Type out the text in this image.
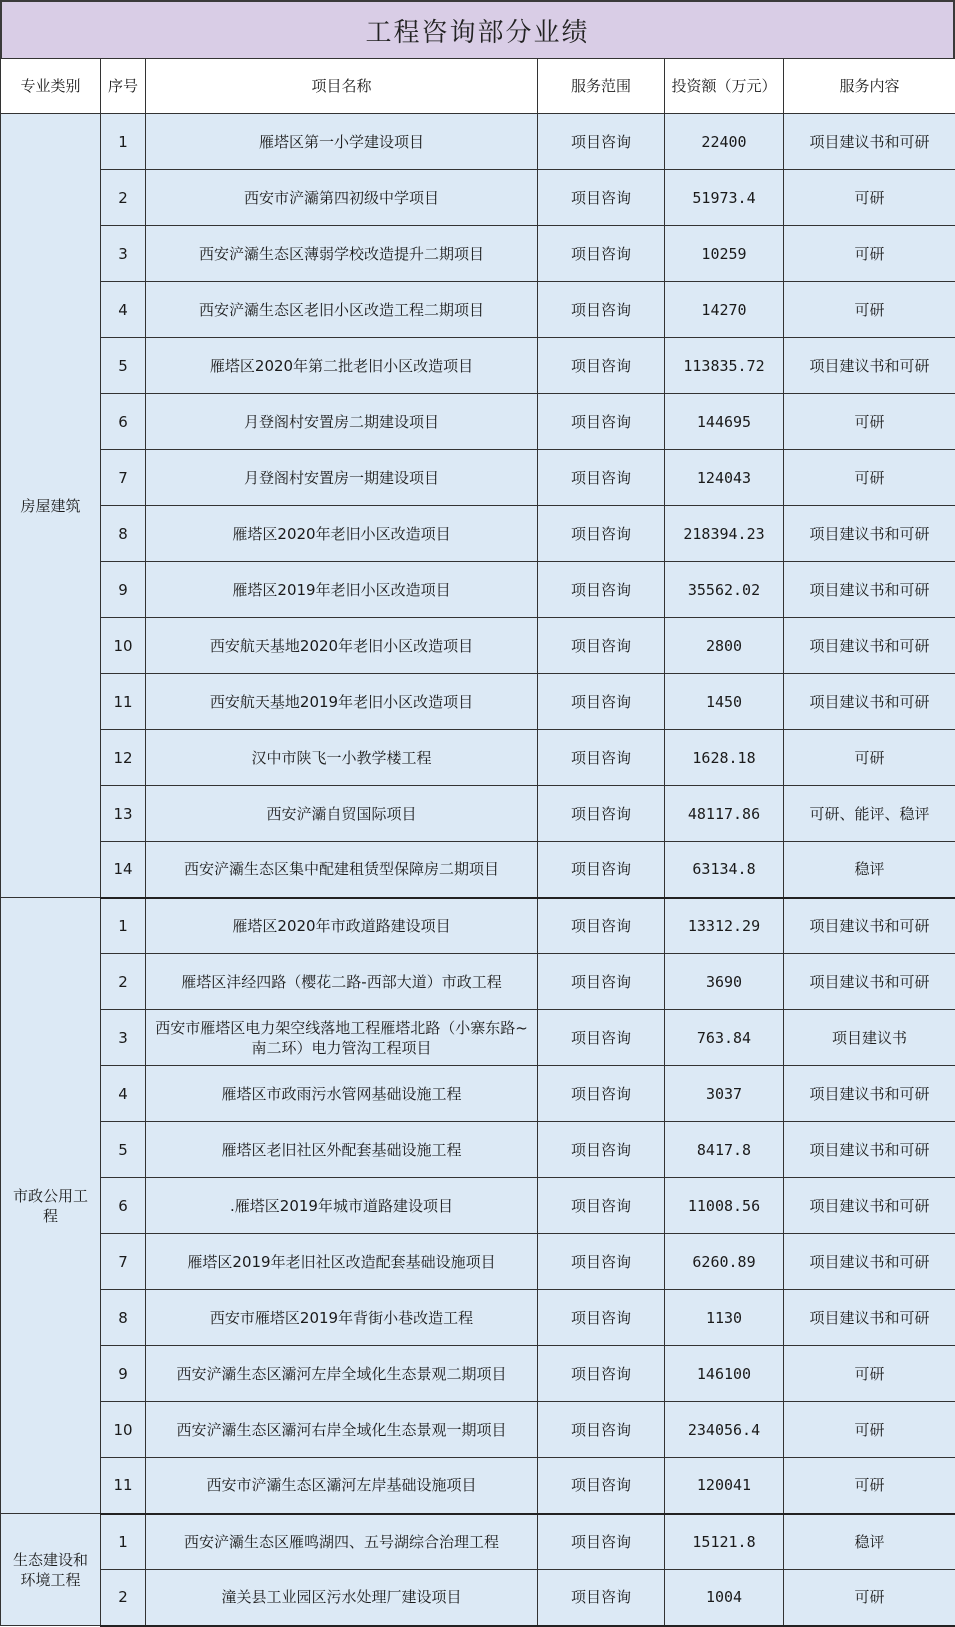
工程咨询部分业绩
专业类别	序号	项目名称	服务范围	投资额（万元）	服务内容
房屋建筑	1	雁塔区第一小学建设项目	项目咨询	22400	项目建议书和可研
	2	西安市浐灞第四初级中学项目	项目咨询	51973.4	可研
	3	西安浐灞生态区薄弱学校改造提升二期项目	项目咨询	10259	可研
	4	西安浐灞生态区老旧小区改造工程二期项目	项目咨询	14270	可研
	5	雁塔区2020年第二批老旧小区改造项目	项目咨询	113835.72	项目建议书和可研
	6	月登阁村安置房二期建设项目	项目咨询	144695	可研
	7	月登阁村安置房一期建设项目	项目咨询	124043	可研
	8	雁塔区2020年老旧小区改造项目	项目咨询	218394.23	项目建议书和可研
	9	雁塔区2019年老旧小区改造项目	项目咨询	35562.02	项目建议书和可研
	10	西安航天基地2020年老旧小区改造项目	项目咨询	2800	项目建议书和可研
	11	西安航天基地2019年老旧小区改造项目	项目咨询	1450	项目建议书和可研
	12	汉中市陕飞一小教学楼工程	项目咨询	1628.18	可研
	13	西安浐灞自贸国际项目	项目咨询	48117.86	可研、能评、稳评
	14	西安浐灞生态区集中配建租赁型保障房二期项目	项目咨询	63134.8	稳评
市政公用工程	1	雁塔区2020年市政道路建设项目	项目咨询	13312.29	项目建议书和可研
	2	雁塔区沣经四路（樱花二路-西部大道）市政工程	项目咨询	3690	项目建议书和可研
	3	西安市雁塔区电力架空线落地工程雁塔北路（小寨东路~南二环）电力管沟工程项目	项目咨询	763.84	项目建议书
	4	雁塔区市政雨污水管网基础设施工程	项目咨询	3037	项目建议书和可研
	5	雁塔区老旧社区外配套基础设施工程	项目咨询	8417.8	项目建议书和可研
	6	.雁塔区2019年城市道路建设项目	项目咨询	11008.56	项目建议书和可研
	7	雁塔区2019年老旧社区改造配套基础设施项目	项目咨询	6260.89	项目建议书和可研
	8	西安市雁塔区2019年背街小巷改造工程	项目咨询	1130	项目建议书和可研
	9	西安浐灞生态区灞河左岸全域化生态景观二期项目	项目咨询	146100	可研
	10	西安浐灞生态区灞河右岸全域化生态景观一期项目	项目咨询	234056.4	可研
	11	西安市浐灞生态区灞河左岸基础设施项目	项目咨询	120041	可研
生态建设和环境工程	1	西安浐灞生态区雁鸣湖四、五号湖综合治理工程	项目咨询	15121.8	稳评
	2	潼关县工业园区污水处理厂建设项目	项目咨询	1004	可研
